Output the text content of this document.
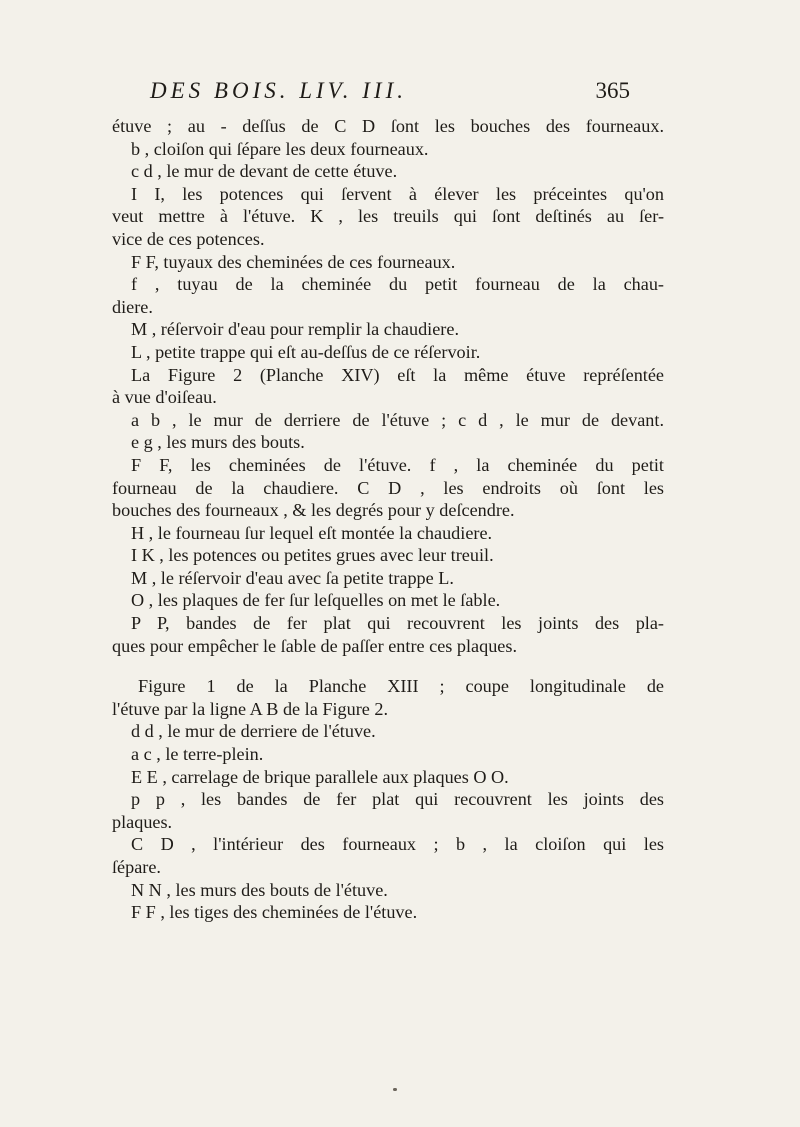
DES BOIS. LIV. III.	365
étuve ; au - deſſus de C D ſont les bouches des fourneaux.
b , cloiſon qui ſépare les deux fourneaux.
c d , le mur de devant de cette étuve.
I I, les potences qui ſervent à élever les préceintes qu'on
veut mettre à l'étuve. K , les treuils qui ſont deſtinés au ſer-
vice de ces potences.
F F, tuyaux des cheminées de ces fourneaux.
f , tuyau de la cheminée du petit fourneau de la chau-
diere.
M , réſervoir d'eau pour remplir la chaudiere.
L , petite trappe qui eſt au-deſſus de ce réſervoir.
La Figure 2 (Planche XIV) eſt la même étuve repréſentée
à vue d'oiſeau.
a b , le mur de derriere de l'étuve ; c d , le mur de devant.
e g , les murs des bouts.
F F, les cheminées de l'étuve. f , la cheminée du petit
fourneau de la chaudiere. C D , les endroits où ſont les
bouches des fourneaux , & les degrés pour y deſcendre.
H , le fourneau ſur lequel eſt montée la chaudiere.
I K , les potences ou petites grues avec leur treuil.
M , le réſervoir d'eau avec ſa petite trappe L.
O , les plaques de fer ſur leſquelles on met le ſable.
P P, bandes de fer plat qui recouvrent les joints des pla-
ques pour empêcher le ſable de paſſer entre ces plaques.
Figure 1 de la Planche XIII ; coupe longitudinale de
l'étuve par la ligne A B de la Figure 2.
d d , le mur de derriere de l'étuve.
a c , le terre-plein.
E E , carrelage de brique parallele aux plaques O O.
p p , les bandes de fer plat qui recouvrent les joints des
plaques.
C D , l'intérieur des fourneaux ; b , la cloiſon qui les
ſépare.
N N , les murs des bouts de l'étuve.
F F , les tiges des cheminées de l'étuve.
